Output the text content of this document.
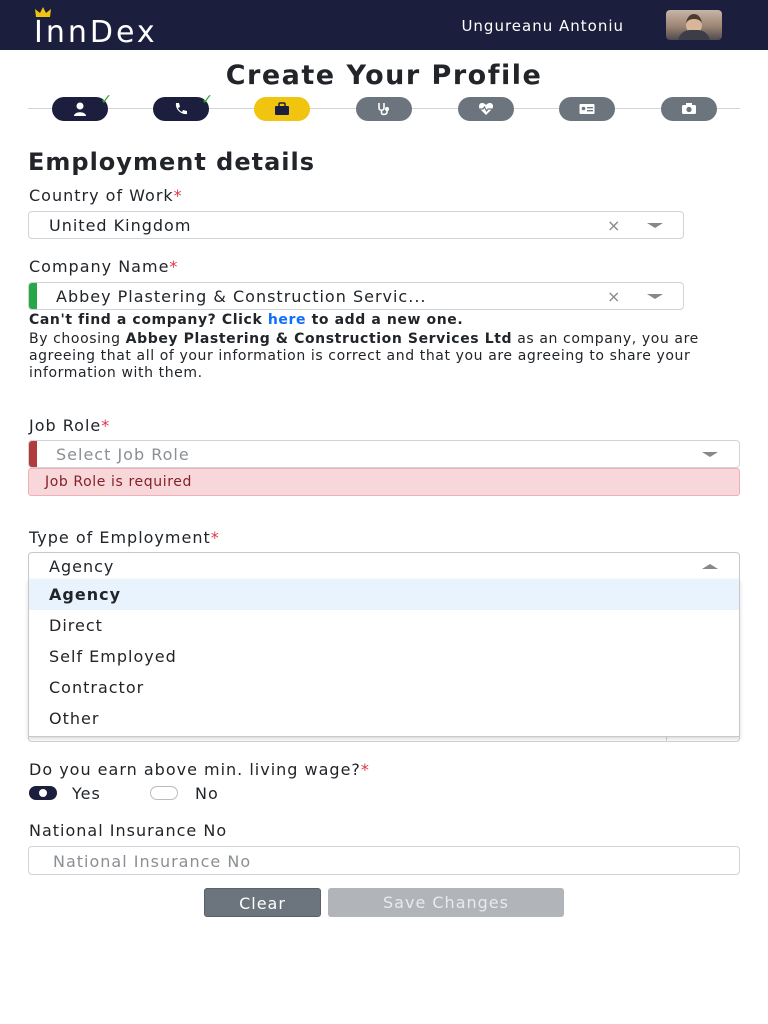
InnDex	Ungureanu Antoniu
Create Your Profile
✓	✓
Employment details
Country of Work*
United Kingdom	×
Company Name*
Abbey Plastering & Construction Servic...	×
Can't find a company? Click here to add a new one.
By choosing Abbey Plastering & Construction Services Ltd as an company, you are agreeing that all of your information is correct and that you are agreeing to share your information with them.
Job Role*
Select Job Role
Job Role is required
Type of Employment*
Agency
Agency
Direct
Self Employed
Contractor
Other
Do you earn above min. living wage?*
Yes	No
National Insurance No
National Insurance No
Clear	Save Changes
